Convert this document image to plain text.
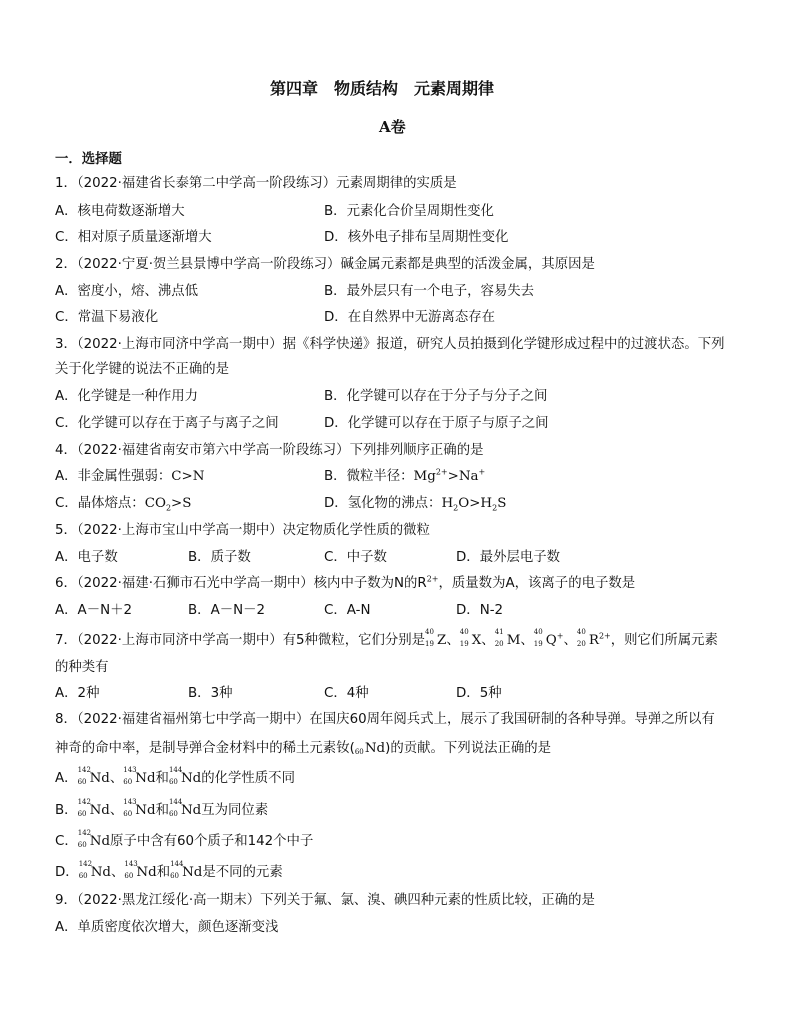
第四章　物质结构　元素周期律
A卷
一．选择题
1．（2022·福建省长泰第二中学高一阶段练习）元素周期律的实质是
A．核电荷数逐渐增大	B．元素化合价呈周期性变化
C．相对原子质量逐渐增大	D．核外电子排布呈周期性变化
2．（2022·宁夏·贺兰县景博中学高一阶段练习）碱金属元素都是典型的活泼金属，其原因是
A．密度小，熔、沸点低	B．最外层只有一个电子，容易失去
C．常温下易液化	D．在自然界中无游离态存在
3．（2022·上海市同济中学高一期中）据《科学快递》报道，研究人员拍摄到化学键形成过程中的过渡状态。下列
关于化学键的说法不正确的是
A．化学键是一种作用力	B．化学键可以存在于分子与分子之间
C．化学键可以存在于离子与离子之间	D．化学键可以存在于原子与原子之间
4．（2022·福建省南安市第六中学高一阶段练习）下列排列顺序正确的是
A．非金属性强弱：C>N	B．微粒半径：$Mg^{2+}>Na^+$
C．晶体熔点：$CO_2>S$	D．氢化物的沸点：$H_2O>H_2S$
5．（2022·上海市宝山中学高一期中）决定物质化学性质的微粒
A．电子数	B．质子数	C．中子数	D．最外层电子数
6．（2022·福建·石狮市石光中学高一期中）核内中子数为N的$R^{2+}$，质量数为A，该离子的电子数是
A．A－N＋2	B．A－N－2	C．A-N	D．N-2
7．（2022·上海市同济中学高一期中）有5种微粒，它们分别是
40
19 Z、
40
19 X、
41
20 M、
40
19 Q+、
40
20 $R^{2+}$，则它们所属元素
的种类有
A．2种	B．3种	C．4种	D．5种
8．（2022·福建省福州第七中学高一期中）在国庆60周年阅兵式上，展示了我国研制的各种导弹。导弹之所以有
神奇的命中率，是制导弹合金材料中的稀土元素钕( 60 Nd)的贡献。下列说法正确的是
A．
142
60 Nd、
143
60 Nd和
144
60 Nd的化学性质不同
B．
142
60 Nd、
143
60 Nd和
144
60 Nd互为同位素
C．
142
60 Nd原子中含有60个质子和142个中子
D．
142
60 Nd、
143
60 Nd和
144
60 Nd是不同的元素
9．（2022·黑龙江绥化·高一期末）下列关于氟、氯、溴、碘四种元素的性质比较，正确的是
A．单质密度依次增大，颜色逐渐变浅
